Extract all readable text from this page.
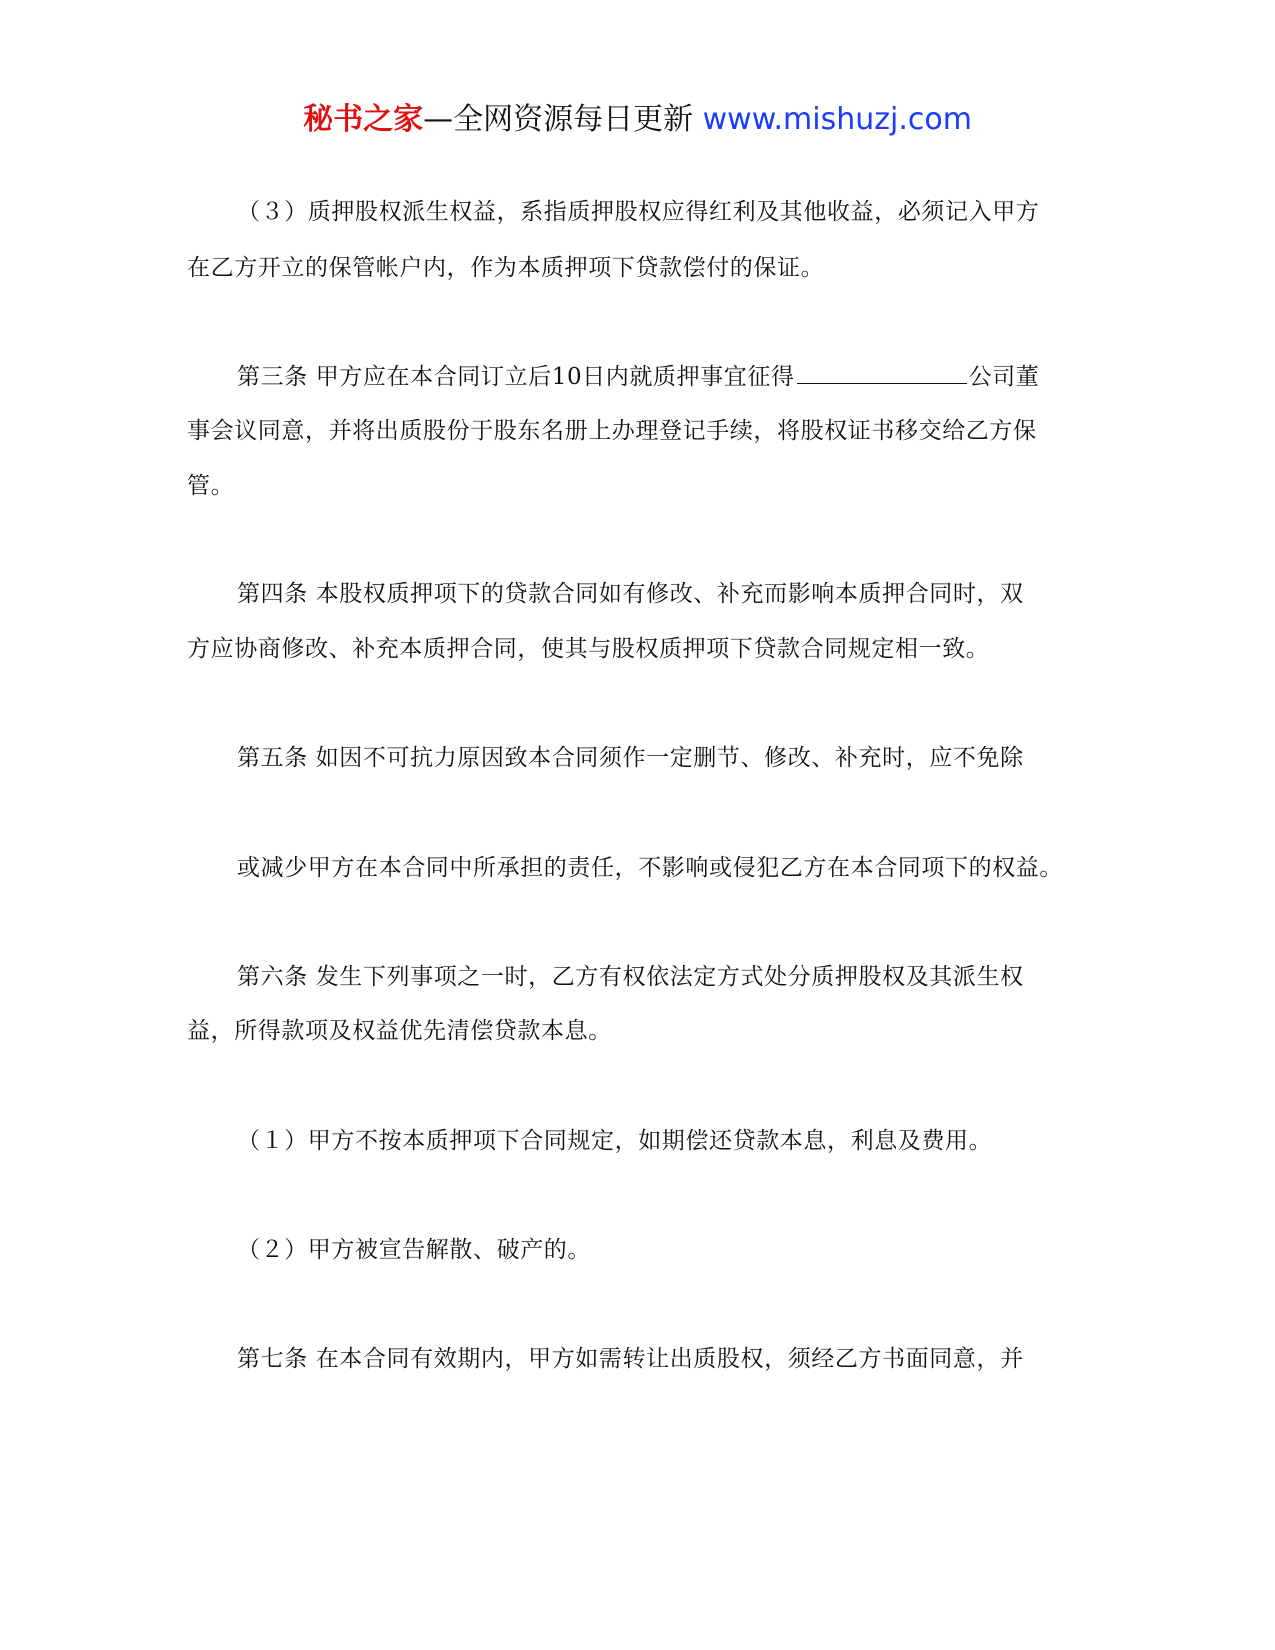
秘书之家—全网资源每日更新 www.mishuzj.com
（３）质押股权派生权益，系指质押股权应得红利及其他收益，必须记入甲方
在乙方开立的保管帐户内，作为本质押项下贷款偿付的保证。
第三条 甲方应在本合同订立后10日内就质押事宜征得	公司董
事会议同意，并将出质股份于股东名册上办理登记手续，将股权证书移交给乙方保
管。
第四条 本股权质押项下的贷款合同如有修改、补充而影响本质押合同时，双
方应协商修改、补充本质押合同，使其与股权质押项下贷款合同规定相一致。
第五条 如因不可抗力原因致本合同须作一定删节、修改、补充时，应不免除
或减少甲方在本合同中所承担的责任，不影响或侵犯乙方在本合同项下的权益。
第六条 发生下列事项之一时，乙方有权依法定方式处分质押股权及其派生权
益，所得款项及权益优先清偿贷款本息。
（１）甲方不按本质押项下合同规定，如期偿还贷款本息，利息及费用。
（２）甲方被宣告解散、破产的。
第七条 在本合同有效期内，甲方如需转让出质股权，须经乙方书面同意，并
